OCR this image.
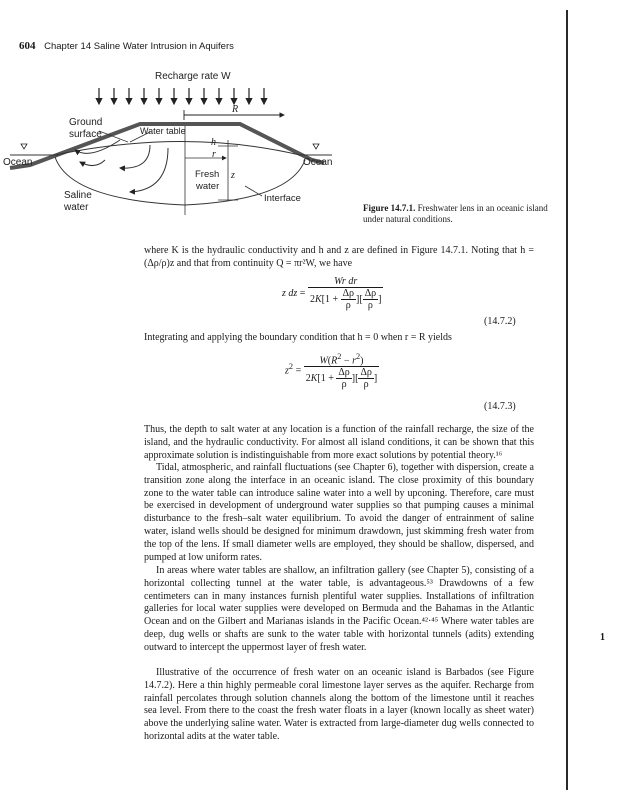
604 Chapter 14 Saline Water Intrusion in Aquifers
Recharge rate W
R
h
r
z
Ground surface	Water table
Ocean	Ocean
Fresh water
Saline water
Interface
Figure 14.7.1. Freshwater lens in an oceanic island under natural conditions.
where K is the hydraulic conductivity and h and z are defined in Figure 14.7.1. Noting that h = (Δρ/ρ)z and that from continuity Q = πr²W, we have
z dz = $\frac{\text{Wr dr}}{2K[1 + \frac{\Delta\rho}{\rho} ][ \frac{\Delta\rho}{\rho} ]}$
(14.7.2)
Integrating and applying the boundary condition that h = 0 when r = R yields
$z^2 = \frac{W(R^2 - r^2)}{2K[1 + \frac{\Delta\rho}{\rho} ][ \frac{\Delta\rho}{\rho} ]}$
(14.7.3)
Thus, the depth to salt water at any location is a function of the rainfall recharge, the size of the island, and the hydraulic conductivity. For almost all island conditions, it can be shown that this approximate solution is indistinguishable from more exact solutions by potential theory.¹⁶
Tidal, atmospheric, and rainfall fluctuations (see Chapter 6), together with dispersion, create a transition zone along the interface in an oceanic island. The close proximity of this boundary zone to the water table can introduce saline water into a well by upconing. Therefore, care must be exercised in development of underground water supplies so that pumping causes a minimal disturbance to the fresh–salt water equilibrium. To avoid the danger of entrainment of saline water, island wells should be designed for minimum drawdown, just skimming fresh water from the top of the lens. If small diameter wells are employed, they should be shallow, dispersed, and pumped at low uniform rates.
In areas where water tables are shallow, an infiltration gallery (see Chapter 5), consisting of a horizontal collecting tunnel at the water table, is advantageous.⁵³ Drawdowns of a few centimeters can in many instances furnish plentiful water supplies. Installations of infiltration galleries for local water supplies were developed on Bermuda and the Bahamas in the Atlantic Ocean and on the Gilbert and Marianas islands in the Pacific Ocean.⁴²·⁴⁵ Where water tables are deep, dug wells or shafts are sunk to the water table with horizontal tunnels (adits) extending outward to intercept the uppermost layer of fresh water.
Illustrative of the occurrence of fresh water on an oceanic island is Barbados (see Figure 14.7.2). Here a thin highly permeable coral limestone layer serves as the aquifer. Recharge from rainfall percolates through solution channels along the bottom of the limestone until it reaches sea level. From there to the coast the fresh water floats in a layer (known locally as sheet water) above the underlying saline water. Water is extracted from large-diameter dug wells connected to horizontal adits at the water table.
1
